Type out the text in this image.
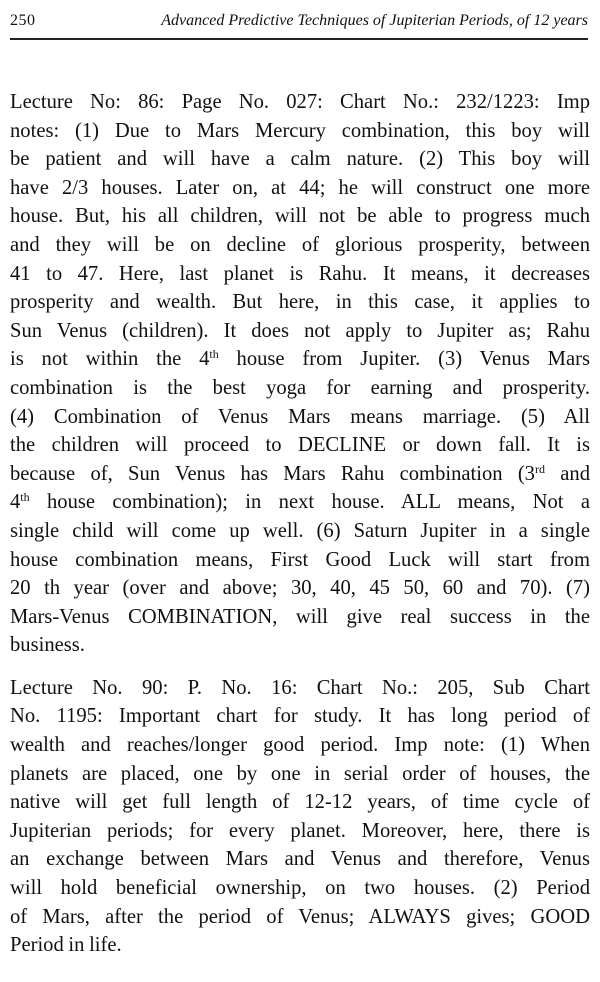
250	Advanced Predictive Techniques of Jupiterian Periods, of 12 years

Lecture No: 86: Page No. 027: Chart No.: 232/1223: Imp
notes: (1) Due to Mars Mercury combination, this boy will
be patient and will have a calm nature. (2) This boy will
have 2/3 houses. Later on, at 44; he will construct one more
house. But, his all children, will not be able to progress much
and they will be on decline of glorious prosperity, between
41 to 47. Here, last planet is Rahu. It means, it decreases
prosperity and wealth. But here, in this case, it applies to
Sun Venus (children). It does not apply to Jupiter as; Rahu
is not within the 4th house from Jupiter. (3) Venus Mars
combination is the best yoga for earning and prosperity.
(4) Combination of Venus Mars means marriage. (5) All
the children will proceed to DECLINE or down fall. It is
because of, Sun Venus has Mars Rahu combination (3rd and
4th house combination); in next house. ALL means, Not a
single child will come up well. (6) Saturn Jupiter in a single
house combination means, First Good Luck will start from
20 th year (over and above; 30, 40, 45 50, 60 and 70). (7)
Mars-Venus COMBINATION, will give real success in the
business.

Lecture No. 90: P. No. 16: Chart No.: 205, Sub Chart
No. 1195: Important chart for study. It has long period of
wealth and reaches/longer good period. Imp note: (1) When
planets are placed, one by one in serial order of houses, the
native will get full length of 12-12 years, of time cycle of
Jupiterian periods; for every planet. Moreover, here, there is
an exchange between Mars and Venus and therefore, Venus
will hold beneficial ownership, on two houses. (2) Period
of Mars, after the period of Venus; ALWAYS gives; GOOD
Period in life.
